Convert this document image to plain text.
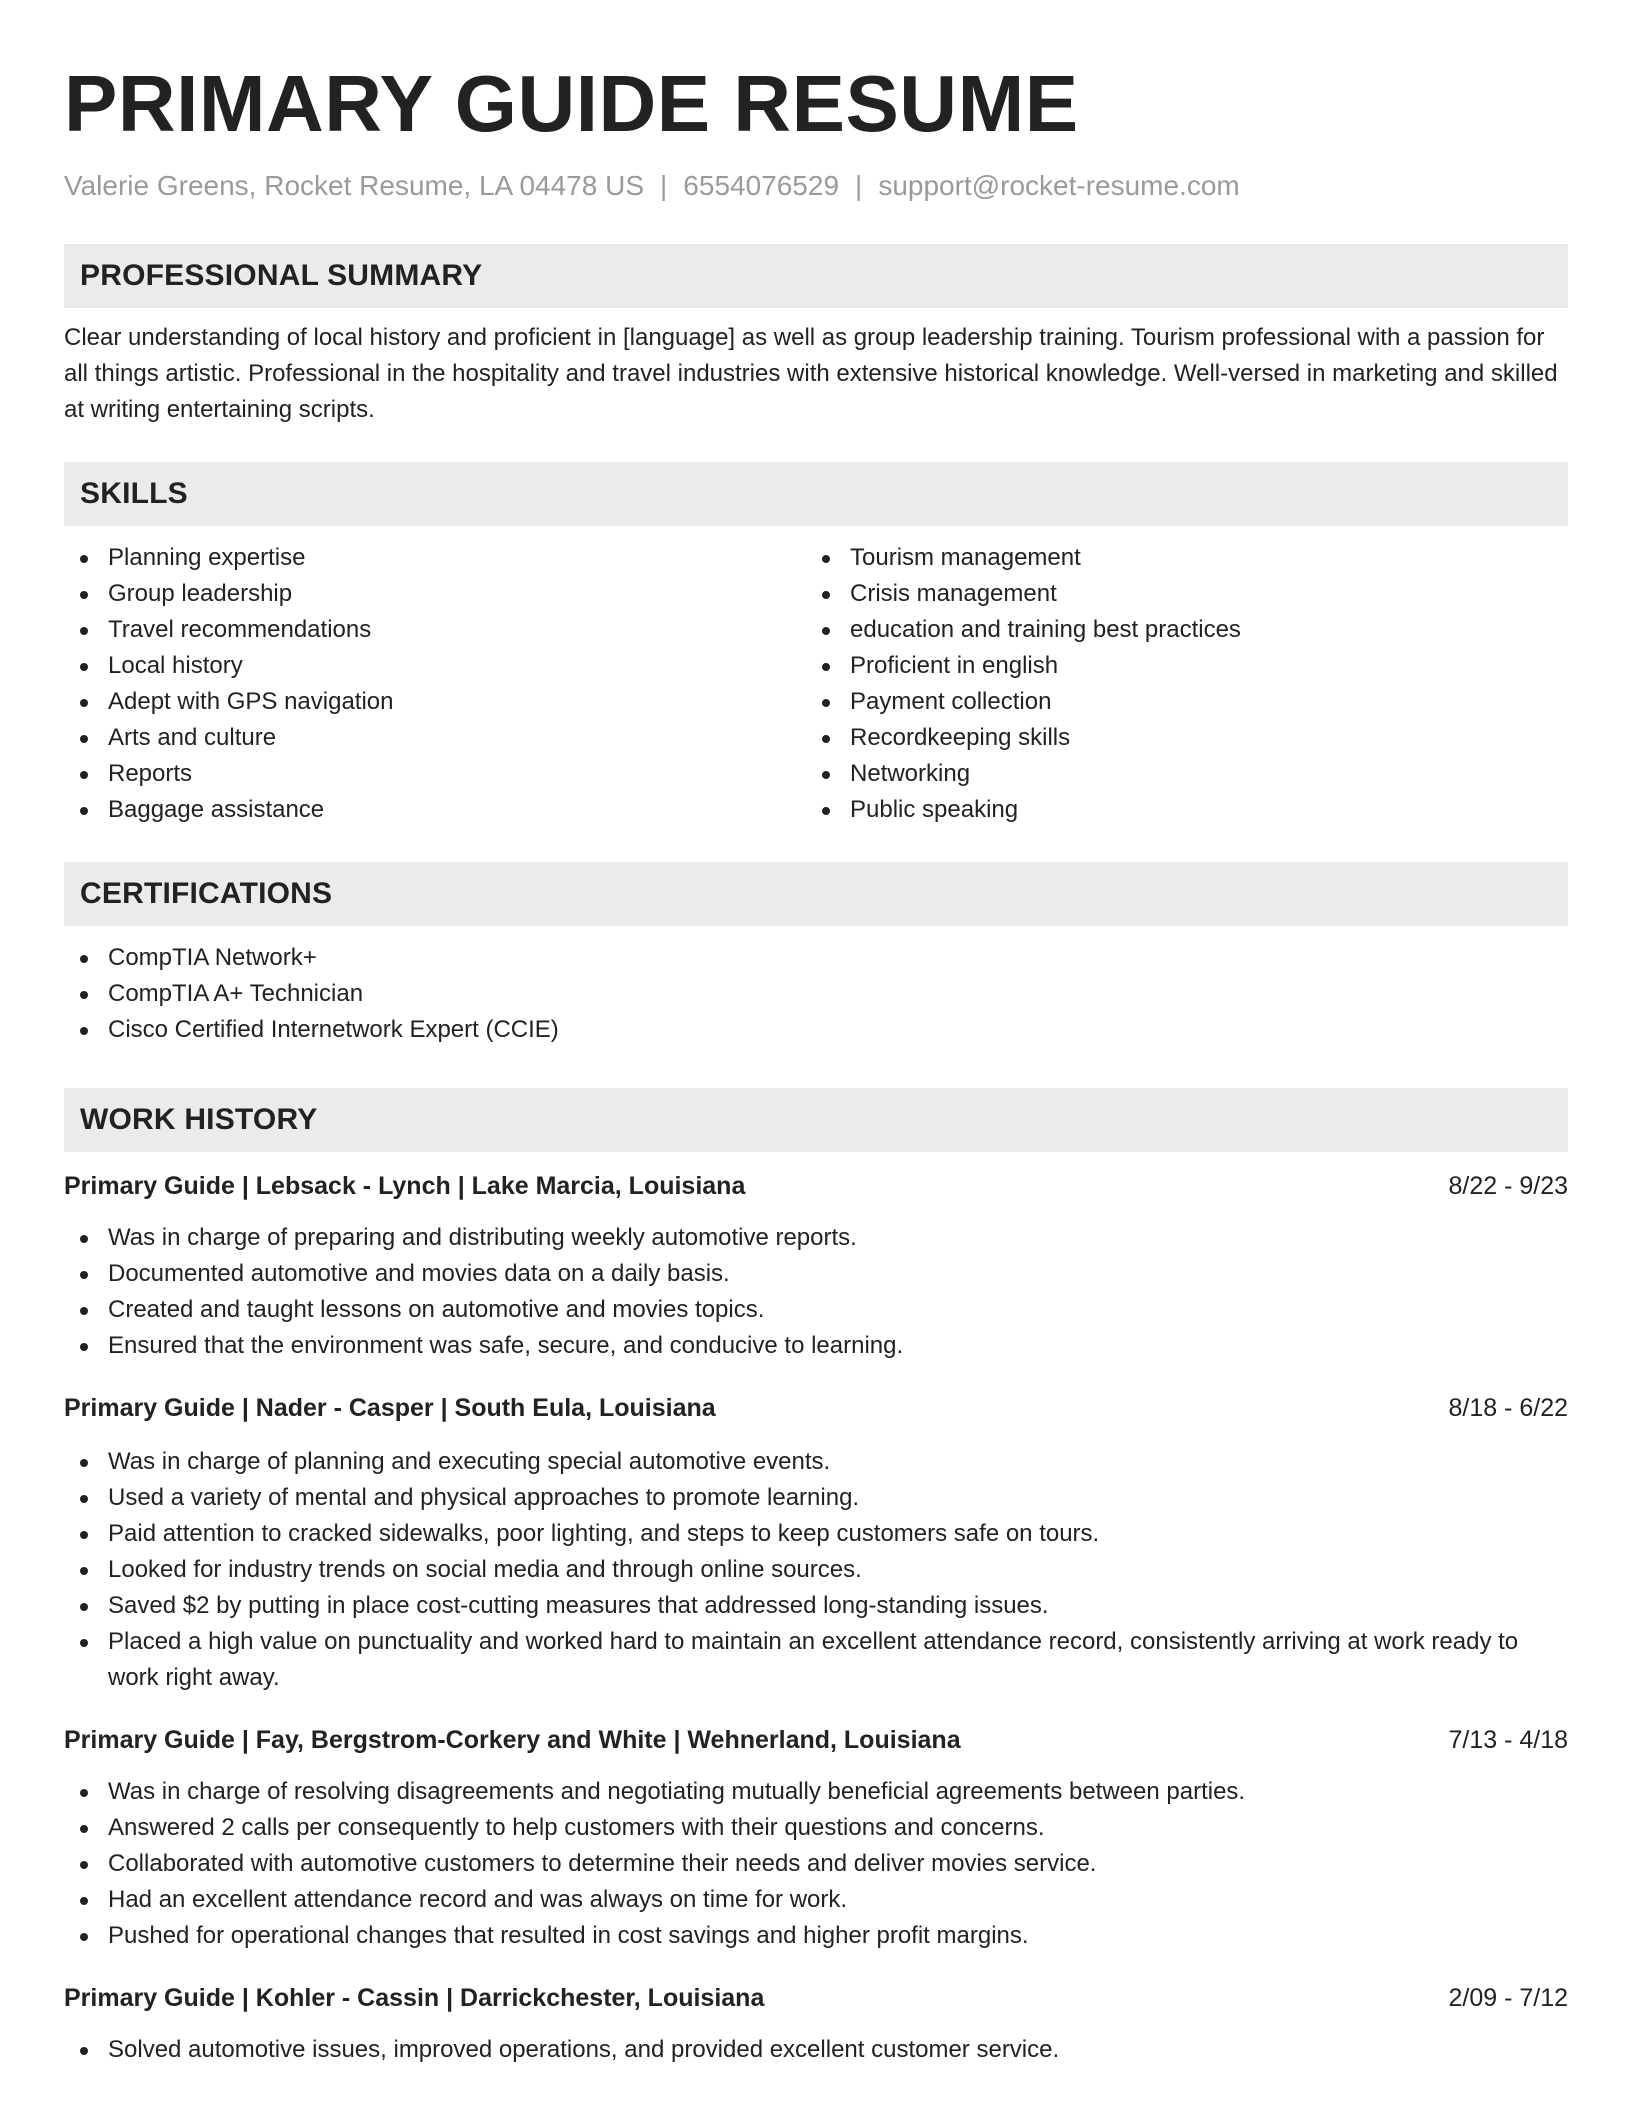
PRIMARY GUIDE RESUME
Valerie Greens, Rocket Resume, LA 04478 US | 6554076529 | support@rocket-resume.com
PROFESSIONAL SUMMARY
Clear understanding of local history and proficient in [language] as well as group leadership training. Tourism professional with a passion for all things artistic. Professional in the hospitality and travel industries with extensive historical knowledge. Well-versed in marketing and skilled at writing entertaining scripts.
SKILLS
Planning expertise
Group leadership
Travel recommendations
Local history
Adept with GPS navigation
Arts and culture
Reports
Baggage assistance
Tourism management
Crisis management
education and training best practices
Proficient in english
Payment collection
Recordkeeping skills
Networking
Public speaking
CERTIFICATIONS
CompTIA Network+
CompTIA A+ Technician
Cisco Certified Internetwork Expert (CCIE)
WORK HISTORY
Primary Guide | Lebsack - Lynch | Lake Marcia, Louisiana	8/22 - 9/23
Was in charge of preparing and distributing weekly automotive reports.
Documented automotive and movies data on a daily basis.
Created and taught lessons on automotive and movies topics.
Ensured that the environment was safe, secure, and conducive to learning.
Primary Guide | Nader - Casper | South Eula, Louisiana	8/18 - 6/22
Was in charge of planning and executing special automotive events.
Used a variety of mental and physical approaches to promote learning.
Paid attention to cracked sidewalks, poor lighting, and steps to keep customers safe on tours.
Looked for industry trends on social media and through online sources.
Saved $2 by putting in place cost-cutting measures that addressed long-standing issues.
Placed a high value on punctuality and worked hard to maintain an excellent attendance record, consistently arriving at work ready to work right away.
Primary Guide | Fay, Bergstrom-Corkery and White | Wehnerland, Louisiana	7/13 - 4/18
Was in charge of resolving disagreements and negotiating mutually beneficial agreements between parties.
Answered 2 calls per consequently to help customers with their questions and concerns.
Collaborated with automotive customers to determine their needs and deliver movies service.
Had an excellent attendance record and was always on time for work.
Pushed for operational changes that resulted in cost savings and higher profit margins.
Primary Guide | Kohler - Cassin | Darrickchester, Louisiana	2/09 - 7/12
Solved automotive issues, improved operations, and provided excellent customer service.
